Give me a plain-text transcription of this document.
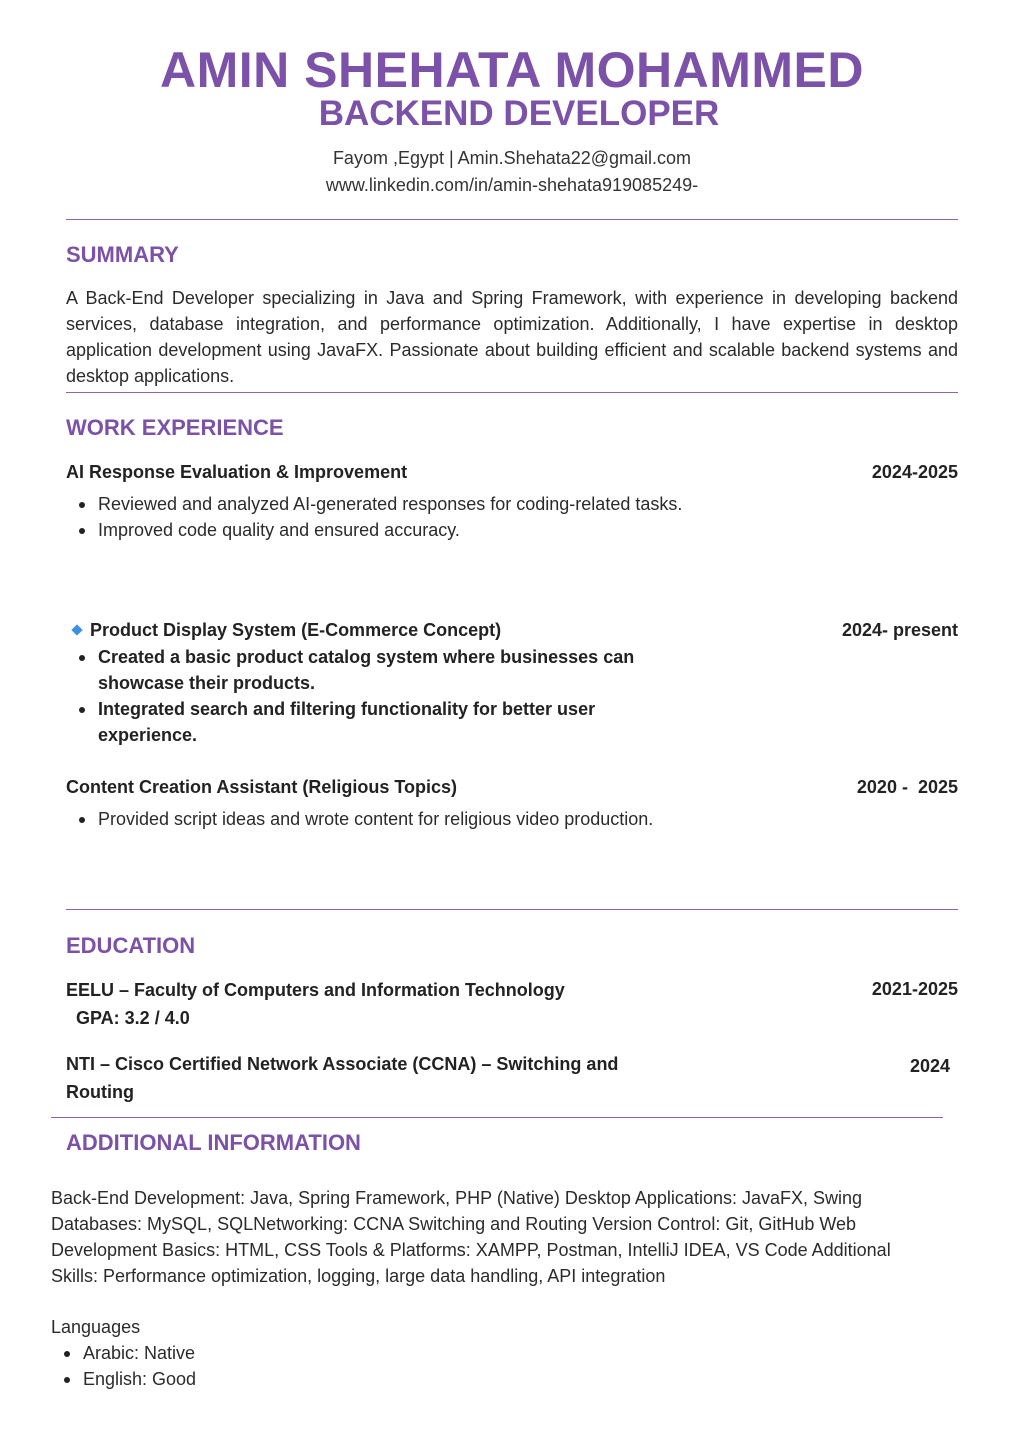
AMIN SHEHATA MOHAMMED
BACKEND DEVELOPER
Fayom ,Egypt | Amin.Shehata22@gmail.com
www.linkedin.com/in/amin-shehata919085249-
SUMMARY
A Back-End Developer specializing in Java and Spring Framework, with experience in developing backend services, database integration, and performance optimization. Additionally, I have expertise in desktop application development using JavaFX. Passionate about building efficient and scalable backend systems and desktop applications.
WORK EXPERIENCE
AI Response Evaluation & Improvement	2024-2025
Reviewed and analyzed AI-generated responses for coding-related tasks.
Improved code quality and ensured accuracy.
Product Display System (E-Commerce Concept)	2024- present
Created a basic product catalog system where businesses can showcase their products.
Integrated search and filtering functionality for better user experience.
Content Creation Assistant (Religious Topics)	2020 -  2025
Provided script ideas and wrote content for religious video production.
EDUCATION
EELU – Faculty of Computers and Information Technology	2021-2025
GPA: 3.2 / 4.0
NTI – Cisco Certified Network Associate (CCNA) – Switching and Routing
2024
ADDITIONAL INFORMATION
Back-End Development: Java, Spring Framework, PHP (Native) Desktop Applications: JavaFX, Swing Databases: MySQL, SQLNetworking: CCNA Switching and Routing Version Control: Git, GitHub Web Development Basics: HTML, CSS Tools & Platforms: XAMPP, Postman, IntelliJ IDEA, VS Code Additional Skills: Performance optimization, logging, large data handling, API integration
Languages
Arabic: Native
English: Good
